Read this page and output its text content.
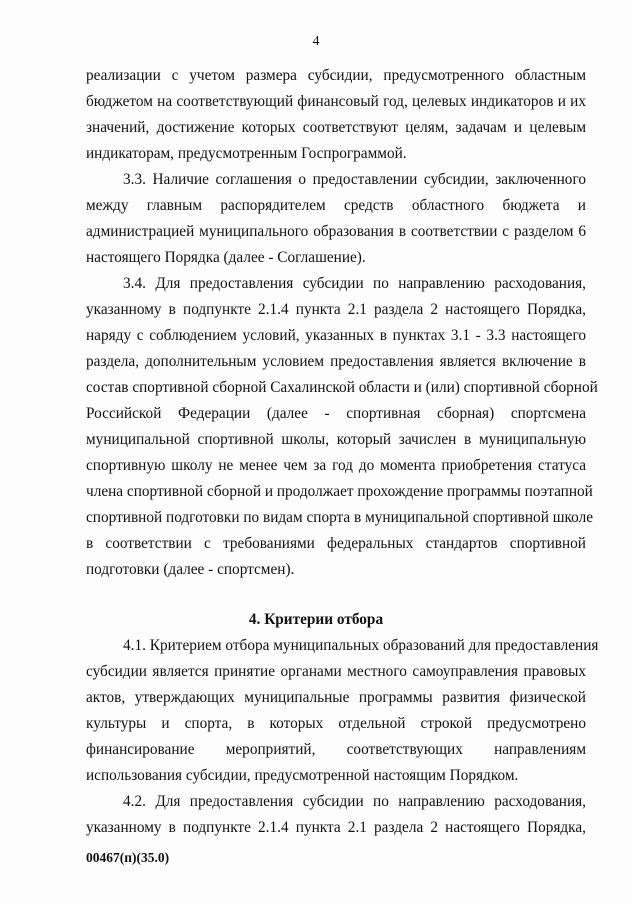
4
реализации с учетом размера субсидии, предусмотренного областным
бюджетом на соответствующий финансовый год, целевых индикаторов и их
значений, достижение которых соответствуют целям, задачам и целевым
индикаторам, предусмотренным Госпрограммой.
3.3. Наличие соглашения о предоставлении субсидии, заключенного
между главным распорядителем средств областного бюджета и
администрацией муниципального образования в соответствии с разделом 6
настоящего Порядка (далее - Соглашение).
3.4. Для предоставления субсидии по направлению расходования,
указанному в подпункте 2.1.4 пункта 2.1 раздела 2 настоящего Порядка,
наряду с соблюдением условий, указанных в пунктах 3.1 - 3.3 настоящего
раздела, дополнительным условием предоставления является включение в
состав спортивной сборной Сахалинской области и (или) спортивной сборной
Российской Федерации (далее - спортивная сборная) спортсмена
муниципальной спортивной школы, который зачислен в муниципальную
спортивную школу не менее чем за год до момента приобретения статуса
члена спортивной сборной и продолжает прохождение программы поэтапной
спортивной подготовки по видам спорта в муниципальной спортивной школе
в соответствии с требованиями федеральных стандартов спортивной
подготовки (далее - спортсмен).
4. Критерии отбора
4.1. Критерием отбора муниципальных образований для предоставления
субсидии является принятие органами местного самоуправления правовых
актов, утверждающих муниципальные программы развития физической
культуры и спорта, в которых отдельной строкой предусмотрено
финансирование мероприятий, соответствующих направлениям
использования субсидии, предусмотренной настоящим Порядком.
4.2. Для предоставления субсидии по направлению расходования,
указанному в подпункте 2.1.4 пункта 2.1 раздела 2 настоящего Порядка,
00467(п)(35.0)
